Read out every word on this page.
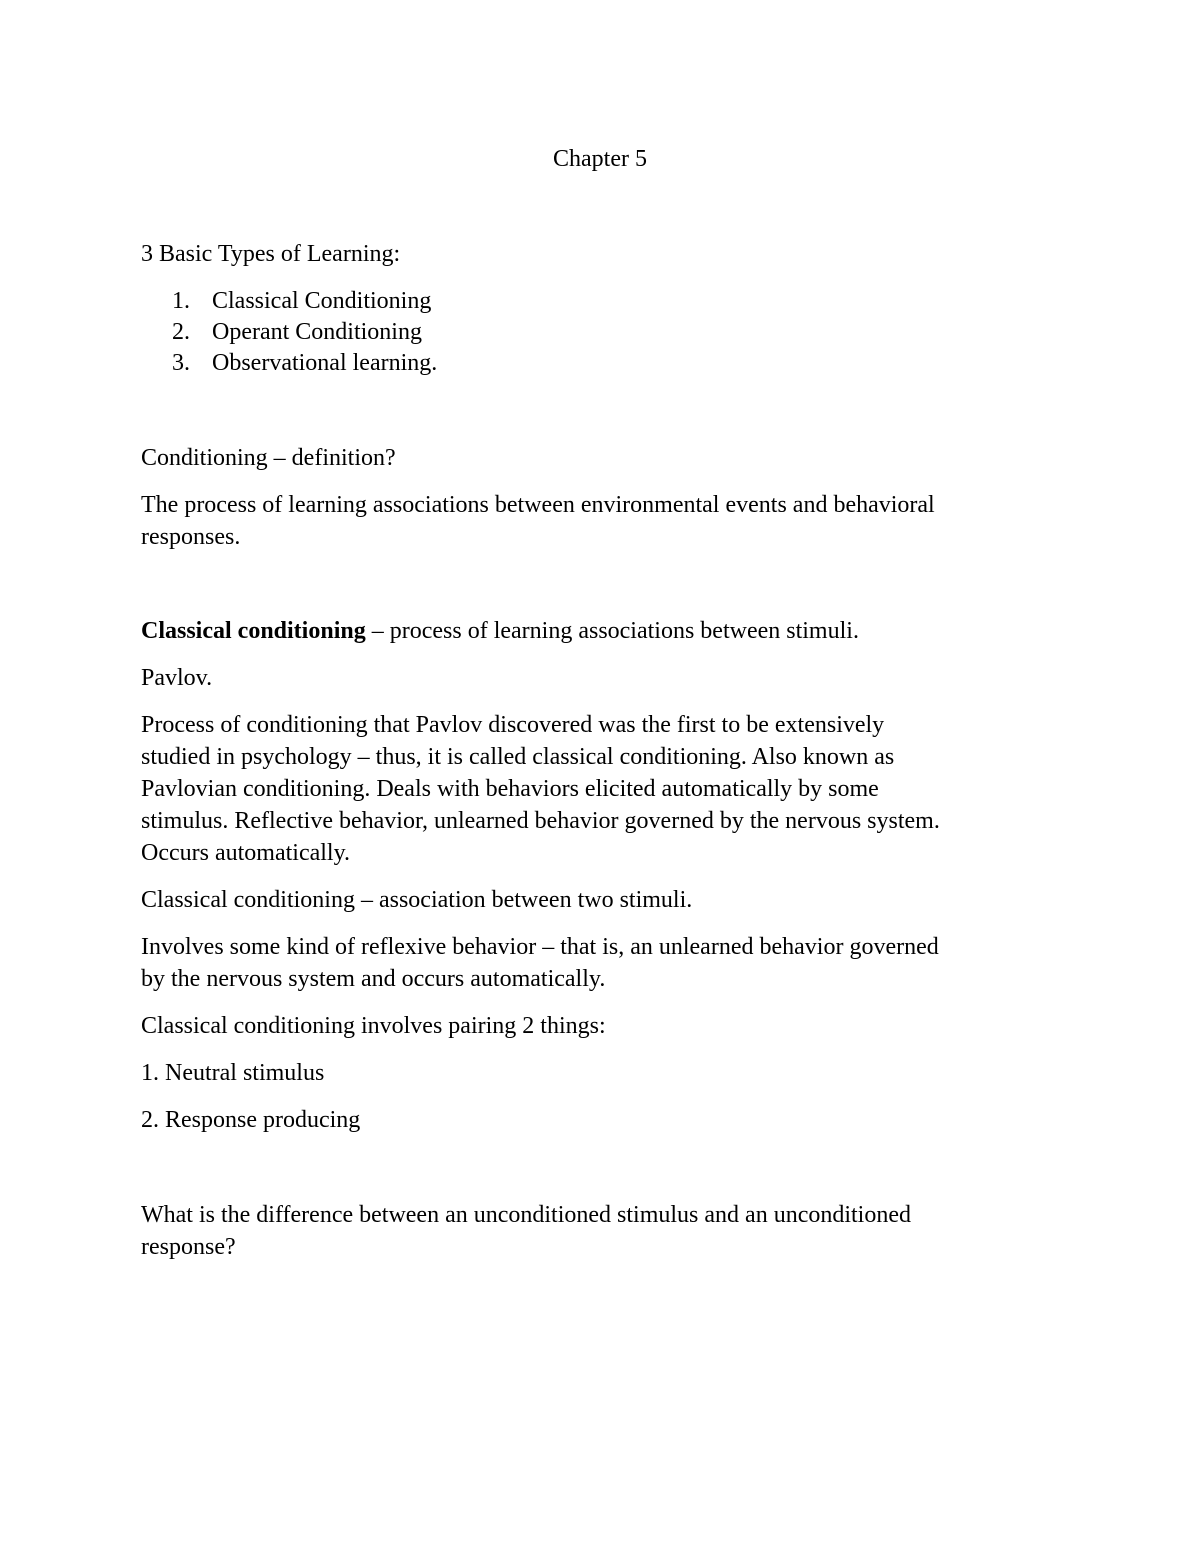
Chapter 5
3 Basic Types of Learning:
1. Classical Conditioning
2. Operant Conditioning
3. Observational learning.
Conditioning – definition?
The process of learning associations between environmental events and behavioral
responses.
Classical conditioning – process of learning associations between stimuli.
Pavlov.
Process of conditioning that Pavlov discovered was the first to be extensively
studied in psychology – thus, it is called classical conditioning. Also known as
Pavlovian conditioning. Deals with behaviors elicited automatically by some
stimulus. Reflective behavior, unlearned behavior governed by the nervous system.
Occurs automatically.
Classical conditioning – association between two stimuli.
Involves some kind of reflexive behavior – that is, an unlearned behavior governed
by the nervous system and occurs automatically.
Classical conditioning involves pairing 2 things:
1. Neutral stimulus
2. Response producing
What is the difference between an unconditioned stimulus and an unconditioned
response?
